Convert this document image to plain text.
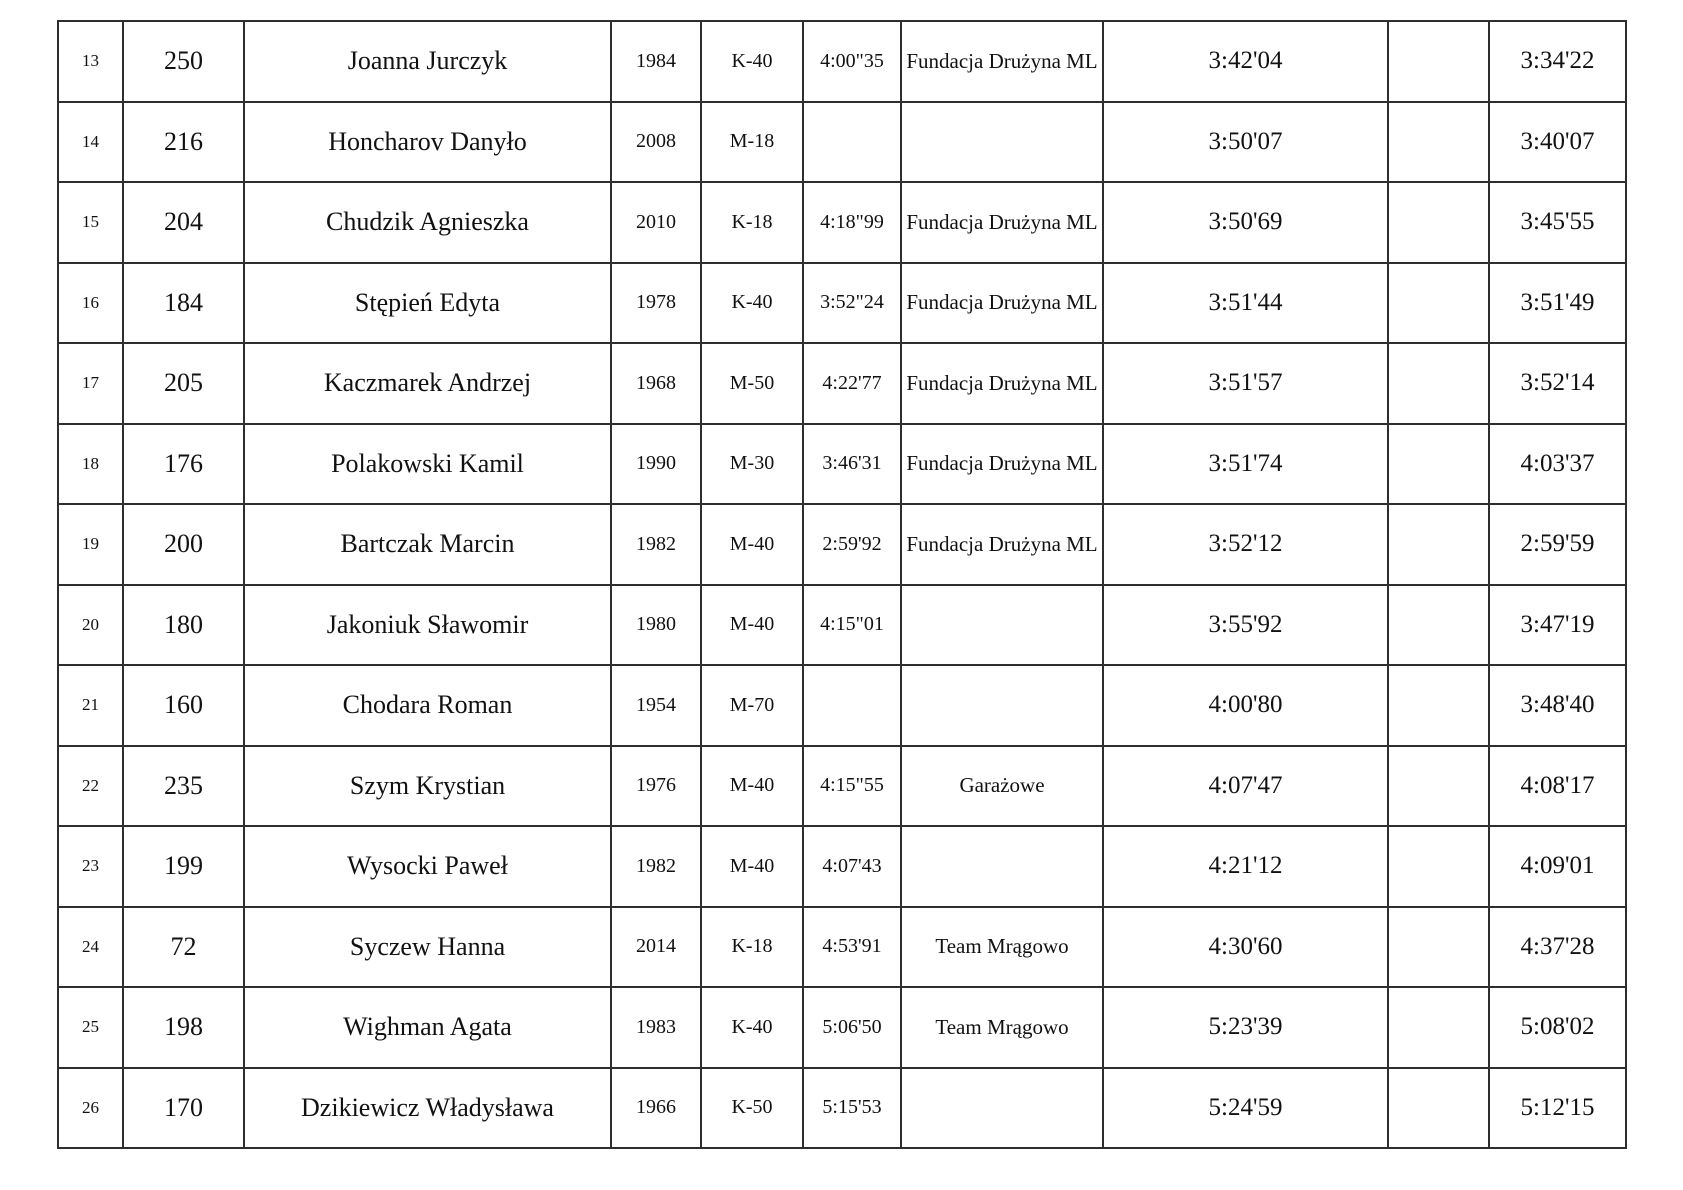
13	250	Joanna Jurczyk	1984	K-40	4:00"35	Fundacja Drużyna ML	3:42'04		3:34'22
14	216	Honcharov Danyło	2008	M-18			3:50'07		3:40'07
15	204	Chudzik Agnieszka	2010	K-18	4:18"99	Fundacja Drużyna ML	3:50'69		3:45'55
16	184	Stępień Edyta	1978	K-40	3:52"24	Fundacja Drużyna ML	3:51'44		3:51'49
17	205	Kaczmarek Andrzej	1968	M-50	4:22'77	Fundacja Drużyna ML	3:51'57		3:52'14
18	176	Polakowski Kamil	1990	M-30	3:46'31	Fundacja Drużyna ML	3:51'74		4:03'37
19	200	Bartczak Marcin	1982	M-40	2:59'92	Fundacja Drużyna ML	3:52'12		2:59'59
20	180	Jakoniuk Sławomir	1980	M-40	4:15"01		3:55'92		3:47'19
21	160	Chodara Roman	1954	M-70			4:00'80		3:48'40
22	235	Szym Krystian	1976	M-40	4:15"55	Garażowe	4:07'47		4:08'17
23	199	Wysocki Paweł	1982	M-40	4:07'43		4:21'12		4:09'01
24	72	Syczew Hanna	2014	K-18	4:53'91	Team Mrągowo	4:30'60		4:37'28
25	198	Wighman Agata	1983	K-40	5:06'50	Team Mrągowo	5:23'39		5:08'02
26	170	Dzikiewicz Władysława	1966	K-50	5:15'53		5:24'59		5:12'15
